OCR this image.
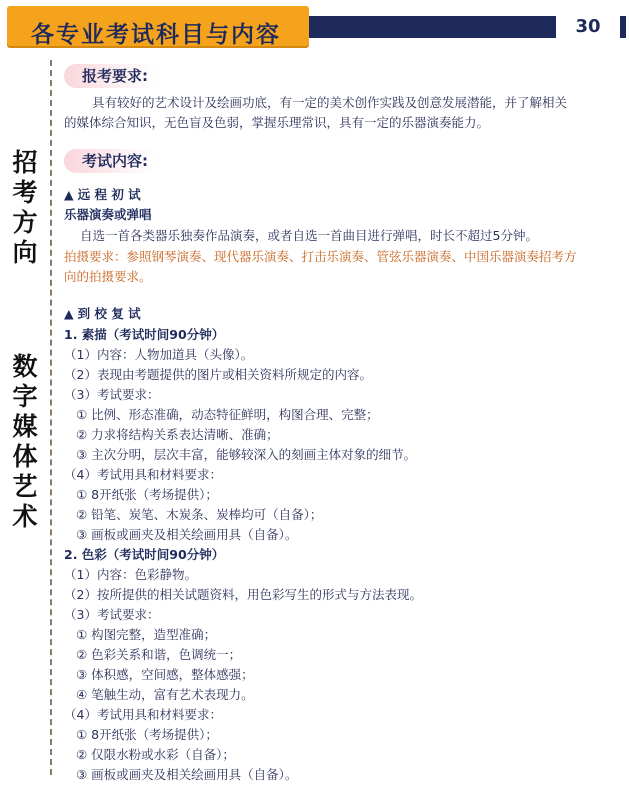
30
各专业考试科目与内容
招
考
方
向
数
字
媒
体
艺
术
报考要求:
具有较好的艺术设计及绘画功底，有一定的美术创作实践及创意发展潜能，并了解相关
的媒体综合知识，无色盲及色弱，掌握乐理常识，具有一定的乐器演奏能力。
考试内容:
▲ 远 程 初 试
乐器演奏或弹唱
自选一首各类器乐独奏作品演奏，或者自选一首曲目进行弹唱，时长不超过5分钟。
拍摄要求：参照钢琴演奏、现代器乐演奏、打击乐演奏、管弦乐器演奏、中国乐器演奏招考方
向的拍摄要求。
▲ 到 校 复 试
1. 素描（考试时间90分钟）
（1）内容：人物加道具（头像）。
（2）表现由考题提供的图片或相关资料所规定的内容。
（3）考试要求：
① 比例、形态准确，动态特征鲜明，构图合理、完整；
② 力求将结构关系表达清晰、准确；
③ 主次分明，层次丰富，能够较深入的刻画主体对象的细节。
（4）考试用具和材料要求：
① 8开纸张（考场提供）；
② 铅笔、炭笔、木炭条、炭棒均可（自备）；
③ 画板或画夹及相关绘画用具（自备）。
2. 色彩（考试时间90分钟）
（1）内容：色彩静物。
（2）按所提供的相关试题资料，用色彩写生的形式与方法表现。
（3）考试要求：
① 构图完整，造型准确；
② 色彩关系和谐，色调统一；
③ 体积感，空间感，整体感强；
④ 笔触生动，富有艺术表现力。
（4）考试用具和材料要求：
① 8开纸张（考场提供）；
② 仅限水粉或水彩（自备）；
③ 画板或画夹及相关绘画用具（自备）。
